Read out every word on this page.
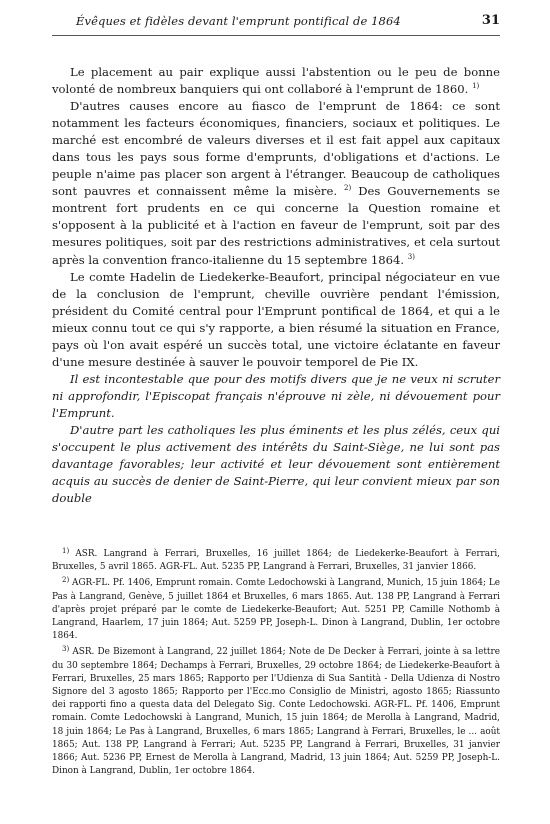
Évêques et fidèles devant l'emprunt pontifical de 1864	31

Le placement au pair explique aussi l'abstention ou le peu de bonne volonté de nombreux banquiers qui ont collaboré à l'emprunt de 1860. $^{1)}$

D'autres causes encore au fiasco de l'emprunt de 1864: ce sont notamment les facteurs économiques, financiers, sociaux et politiques. Le marché est encombré de valeurs diverses et il est fait appel aux capitaux dans tous les pays sous forme d'emprunts, d'obligations et d'actions. Le peuple n'aime pas placer son argent à l'étranger. Beaucoup de catholiques sont pauvres et connaissent même la misère. $^{2)}$ Des Gouvernements se montrent fort prudents en ce qui concerne la Question romaine et s'opposent à la publicité et à l'action en faveur de l'emprunt, soit par des mesures politiques, soit par des restrictions administratives, et cela surtout après la convention franco-italienne du 15 septembre 1864. $^{3)}$

Le comte Hadelin de Liedekerke-Beaufort, principal négociateur en vue de la conclusion de l'emprunt, cheville ouvrière pendant l'émission, président du Comité central pour l'Emprunt pontifical de 1864, et qui a le mieux connu tout ce qui s'y rapporte, a bien résumé la situation en France, pays où l'on avait espéré un succès total, une victoire éclatante en faveur d'une mesure destinée à sauver le pouvoir temporel de Pie IX.

Il est incontestable que pour des motifs divers que je ne veux ni scruter ni approfondir, l'Episcopat français n'éprouve ni zèle, ni dévouement pour l'Emprunt.

D'autre part les catholiques les plus éminents et les plus zélés, ceux qui s'occupent le plus activement des intérêts du Saint-Siège, ne lui sont pas davantage favorables; leur activité et leur dévouement sont entièrement acquis au succès de denier de Saint-Pierre, qui leur convient mieux par son double

$^{1)}$ ASR. Langrand à Ferrari, Bruxelles, 16 juillet 1864; de Liedekerke-Beaufort à Ferrari, Bruxelles, 5 avril 1865. AGR-FL. Aut. 5235 PP, Langrand à Ferrari, Bruxelles, 31 janvier 1866.

$^{2)}$ AGR-FL. Pf. 1406, Emprunt romain. Comte Ledochowski à Langrand, Munich, 15 juin 1864; Le Pas à Langrand, Genève, 5 juillet 1864 et Bruxelles, 6 mars 1865. Aut. 138 PP, Langrand à Ferrari d'après projet préparé par le comte de Liedekerke-Beaufort; Aut. 5251 PP, Camille Nothomb à Langrand, Haarlem, 17 juin 1864; Aut. 5259 PP, Joseph-L. Dinon à Langrand, Dublin, 1er octobre 1864.

$^{3)}$ ASR. De Bizemont à Langrand, 22 juillet 1864; Note de De Decker à Ferrari, jointe à sa lettre du 30 septembre 1864; Dechamps à Ferrari, Bruxelles, 29 octobre 1864; de Liedekerke-Beaufort à Ferrari, Bruxelles, 25 mars 1865; Rapporto per l'Udienza di Sua Santità - Della Udienza di Nostro Signore del 3 agosto 1865; Rapporto per l'Ecc.mo Consiglio de Ministri, agosto 1865; Riassunto dei rapporti fino a questa data del Delegato Sig. Conte Ledochowski. AGR-FL. Pf. 1406, Emprunt romain. Comte Ledochowski à Langrand, Munich, 15 juin 1864; de Merolla à Langrand, Madrid, 18 juin 1864; Le Pas à Langrand, Bruxelles, 6 mars 1865; Langrand à Ferrari, Bruxelles, le ... août 1865; Aut. 138 PP, Langrand à Ferrari; Aut. 5235 PP, Langrand à Ferrari, Bruxelles, 31 janvier 1866; Aut. 5236 PP, Ernest de Merolla à Langrand, Madrid, 13 juin 1864; Aut. 5259 PP, Joseph-L. Dinon à Langrand, Dublin, 1er octobre 1864.
